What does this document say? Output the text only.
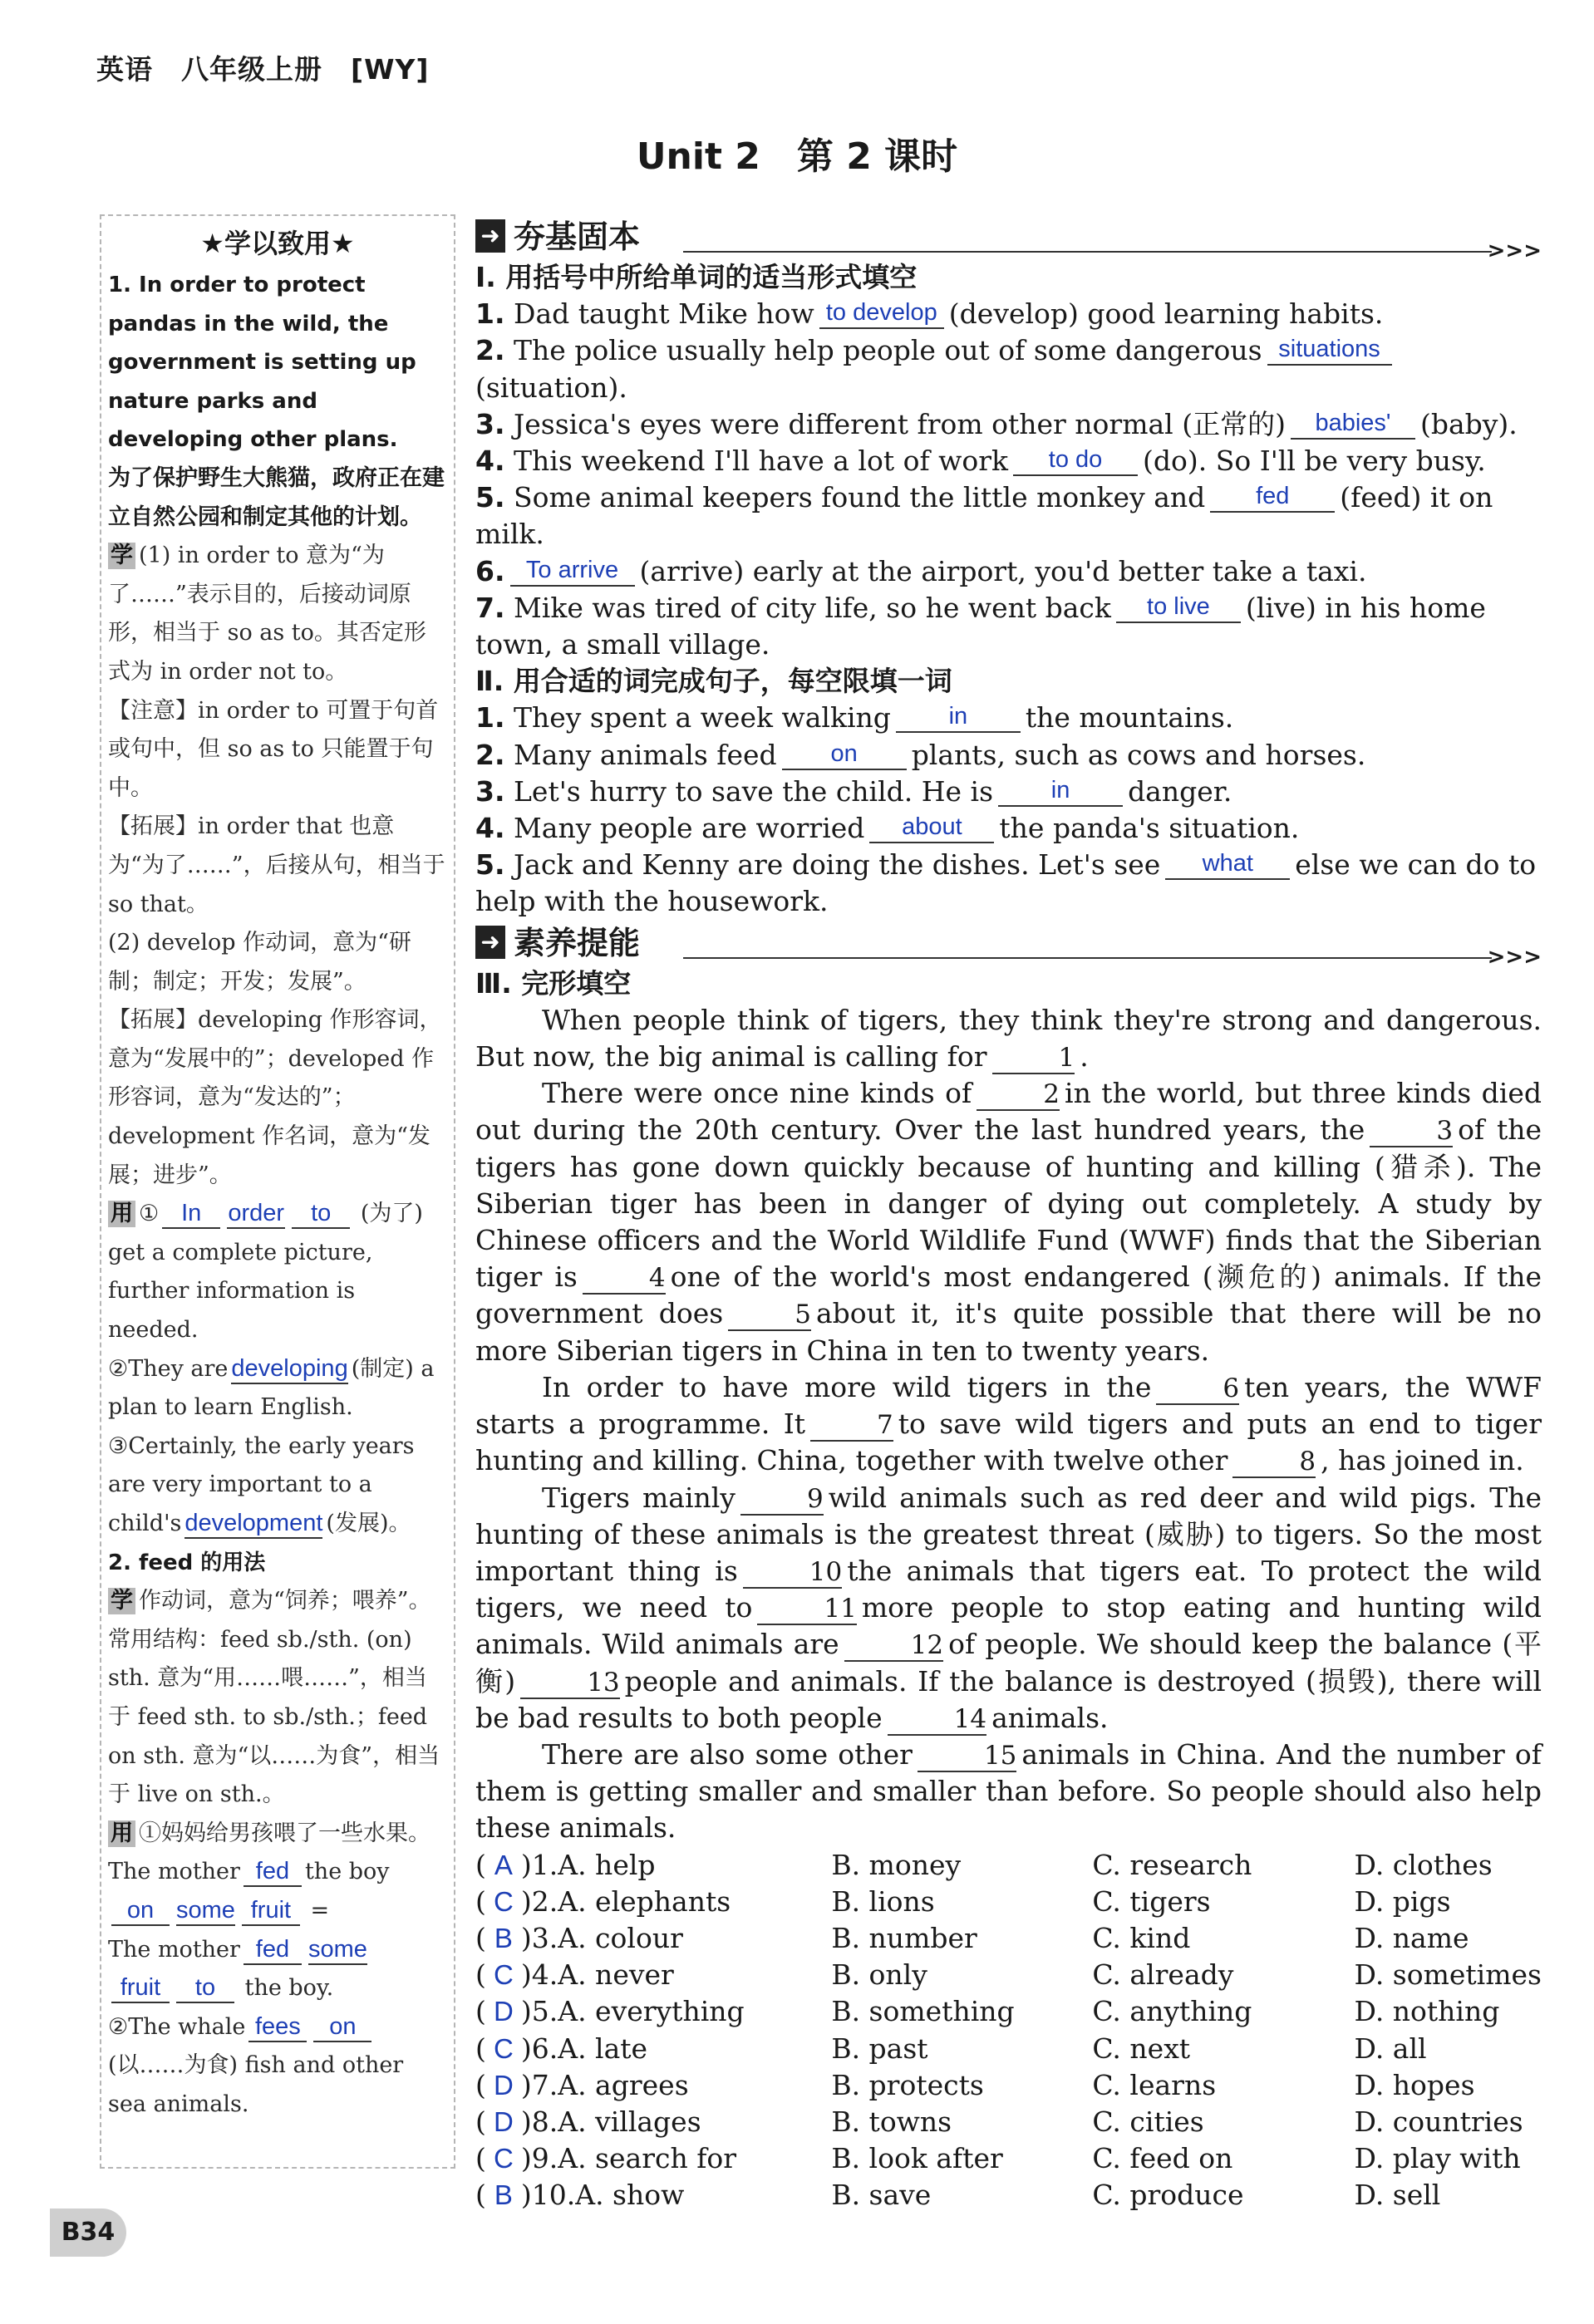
英语　八年级上册　[WY]
Unit 2　第 2 课时
★学以致用★
1. In order to protect pandas in the wild, the government is setting up nature parks and developing other plans.
为了保护野生大熊猫，政府正在建立自然公园和制定其他的计划。
学 (1) in order to 意为“为了……”表示目的，后接动词原形，相当于 so as to。其否定形式为 in order not to。
【注意】in order to 可置于句首或句中，但 so as to 只能置于句中。
【拓展】in order that 也意为“为了……”，后接从句，相当于 so that。
(2) develop 作动词，意为“研制；制定；开发；发展”。
【拓展】developing 作形容词，意为“发展中的”；developed 作形容词，意为“发达的”；development 作名词，意为“发展；进步”。
用 ① In order to (为了) get a complete picture, further information is needed.
②They are developing (制定) a plan to learn English.
③Certainly, the early years are very important to a child's development (发展)。
2. feed 的用法
学 作动词，意为“饲养；喂养”。常用结构：feed sb./sth. (on) sth. 意为“用……喂……”，相当于 feed sth. to sb./sth.；feed on sth. 意为“以……为食”，相当于 live on sth.。
用 ①妈妈给男孩喂了一些水果。
The mother fed the boy
on some fruit =
The mother fed some
fruit to the boy.
②The whale fees on (以……为食) fish and other sea animals.
➜ 夯基固本	>>>
Ⅰ. 用括号中所给单词的适当形式填空
1. Dad taught Mike how to develop (develop) good learning habits.
2. The police usually help people out of some dangerous situations(situation).
3. Jessica's eyes were different from other normal (正常的) babies' (baby).
4. This weekend I'll have a lot of work to do (do). So I'll be very busy.
5. Some animal keepers found the little monkey and fed (feed) it on milk.
6. To arrive (arrive) early at the airport, you'd better take a taxi.
7. Mike was tired of city life, so he went back to live (live) in his home town, a small village.
Ⅱ. 用合适的词完成句子，每空限填一词
1. They spent a week walking in the mountains.
2. Many animals feed on plants, such as cows and horses.
3. Let's hurry to save the child. He is in danger.
4. Many people are worried about the panda's situation.
5. Jack and Kenny are doing the dishes. Let's see what else we can do to help with the housework.
➜ 素养提能	>>>
Ⅲ. 完形填空
When people think of tigers, they think they're strong and dangerous. But now, the big animal is calling for	1 .
There were once nine kinds of	2 in the world, but three kinds died out during the 20th century. Over the last hundred years, the	3 of the tigers has gone down quickly because of hunting and killing (猎杀). The Siberian tiger has been in danger of dying out completely. A study by Chinese officers and the World Wildlife Fund (WWF) finds that the Siberian tiger is	4 one of the world's most endangered (濒危的) animals. If the government does	5 about it, it's quite possible that there will be no more Siberian tigers in China in ten to twenty years.
In order to have more wild tigers in the	6 ten years, the WWF starts a programme. It	7 to save wild tigers and puts an end to tiger hunting and killing. China, together with twelve other	8 , has joined in.
Tigers mainly	9 wild animals such as red deer and wild pigs. The hunting of these animals is the greatest threat (威胁) to tigers. So the most important thing is	10 the animals that tigers eat. To protect the wild tigers, we need to	11 more people to stop eating and hunting wild animals. Wild animals are	12 of people. We should keep the balance (平衡)	13 people and animals. If the balance is destroyed (损毁), there will be bad results to both people	14 animals.
There are also some other	15 animals in China. And the number of them is getting smaller and smaller than before. So people should also help these animals.
( A )1.A. help	B. money	C. research	D. clothes
( C )2.A. elephants	B. lions	C. tigers	D. pigs
( B )3.A. colour	B. number	C. kind	D. name
( C )4.A. never	B. only	C. already	D. sometimes
( D )5.A. everything	B. something	C. anything	D. nothing
( C )6.A. late	B. past	C. next	D. all
( D )7.A. agrees	B. protects	C. learns	D. hopes
( D )8.A. villages	B. towns	C. cities	D. countries
( C )9.A. search for	B. look after	C. feed on	D. play with
( B )10.A. show	B. save	C. produce	D. sell
B34
